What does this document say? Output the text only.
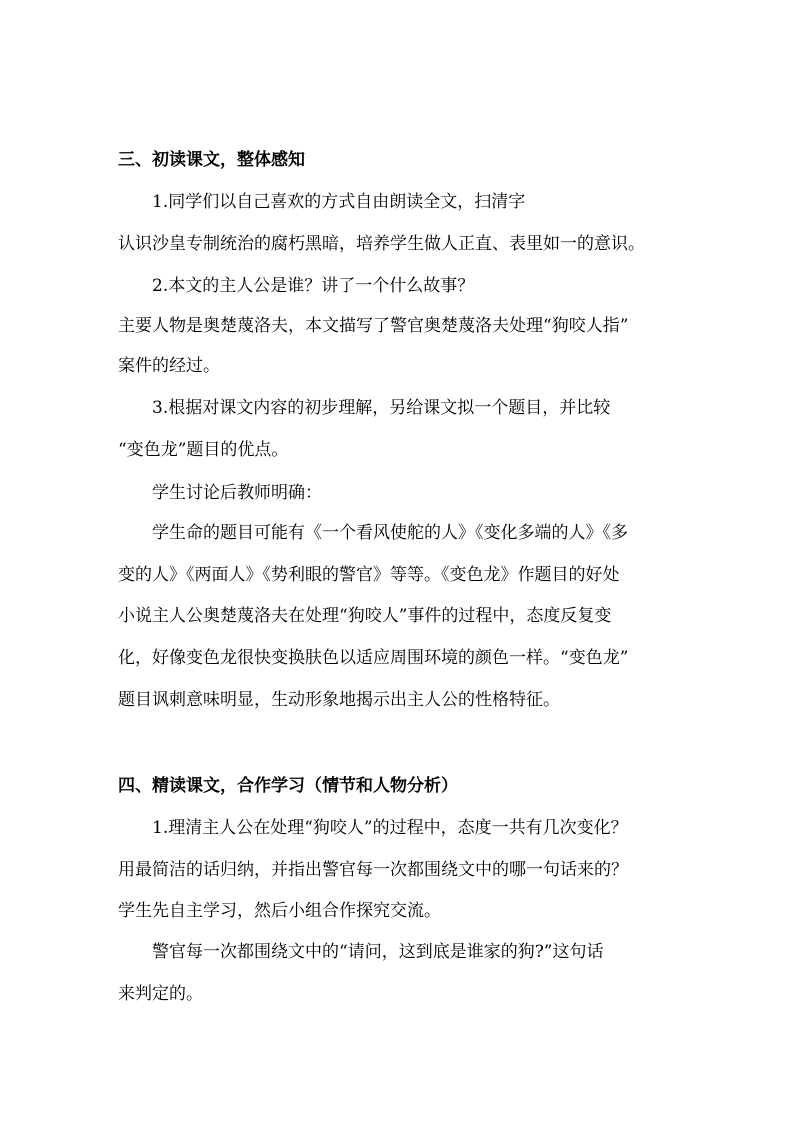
三、初读课文，整体感知
1.同学们以自己喜欢的方式自由朗读全文，扫清字
认识沙皇专制统治的腐朽黑暗，培养学生做人正直、表里如一的意识。
2.本文的主人公是谁？讲了一个什么故事？
主要人物是奥楚蔑洛夫，本文描写了警官奥楚蔑洛夫处理“狗咬人指”
案件的经过。
3.根据对课文内容的初步理解，另给课文拟一个题目，并比较
“变色龙”题目的优点。
学生讨论后教师明确：
学生命的题目可能有《一个看风使舵的人》《变化多端的人》《多
变的人》《两面人》《势利眼的警官》等等。《变色龙》作题目的好处
小说主人公奥楚蔑洛夫在处理“狗咬人”事件的过程中，态度反复变
化，好像变色龙很快变换肤色以适应周围环境的颜色一样。“变色龙”
题目讽刺意味明显，生动形象地揭示出主人公的性格特征。
四、精读课文，合作学习（情节和人物分析）
1.理清主人公在处理“狗咬人”的过程中，态度一共有几次变化？
用最简洁的话归纳，并指出警官每一次都围绕文中的哪一句话来的？
学生先自主学习，然后小组合作探究交流。
警官每一次都围绕文中的“请问，这到底是谁家的狗?”这句话
来判定的。
